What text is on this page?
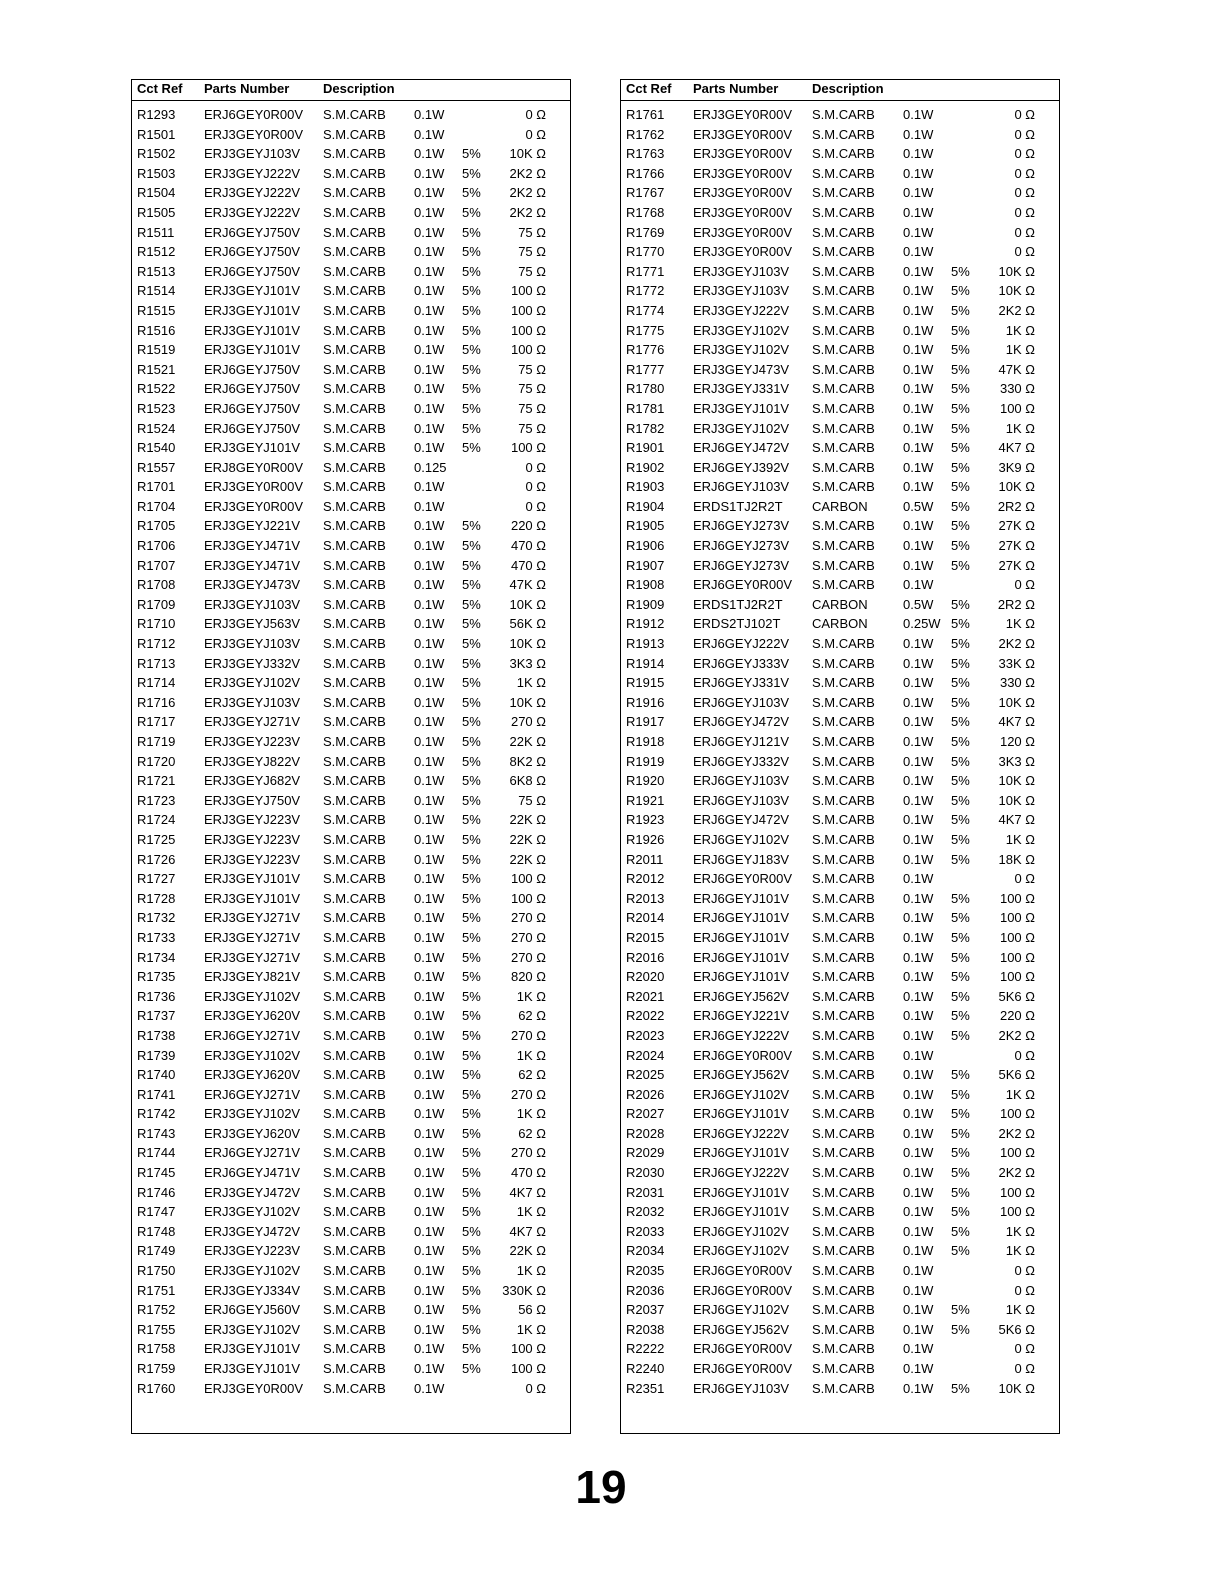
Cct Ref Parts Number	Description
R1293 ERJ6GEY0R00V S.M.CARB 0.1W	0 Ω
R1501 ERJ3GEY0R00V S.M.CARB 0.1W	0 Ω
R1502 ERJ3GEYJ103V S.M.CARB 0.1W 5% 10K Ω
R1503 ERJ3GEYJ222V S.M.CARB 0.1W 5% 2K2 Ω
R1504 ERJ3GEYJ222V S.M.CARB 0.1W 5% 2K2 Ω
R1505 ERJ3GEYJ222V S.M.CARB 0.1W 5% 2K2 Ω
R1511 ERJ6GEYJ750V S.M.CARB 0.1W 5%	75 Ω
R1512 ERJ6GEYJ750V S.M.CARB 0.1W 5%	75 Ω
R1513 ERJ6GEYJ750V S.M.CARB 0.1W 5%	75 Ω
R1514 ERJ3GEYJ101V S.M.CARB 0.1W 5% 100 Ω
R1515 ERJ3GEYJ101V S.M.CARB 0.1W 5% 100 Ω
R1516 ERJ3GEYJ101V S.M.CARB 0.1W 5% 100 Ω
R1519 ERJ3GEYJ101V S.M.CARB 0.1W 5% 100 Ω
R1521 ERJ6GEYJ750V S.M.CARB 0.1W 5%	75 Ω
R1522 ERJ6GEYJ750V S.M.CARB 0.1W 5%	75 Ω
R1523 ERJ6GEYJ750V S.M.CARB 0.1W 5%	75 Ω
R1524 ERJ6GEYJ750V S.M.CARB 0.1W 5%	75 Ω
R1540 ERJ3GEYJ101V S.M.CARB 0.1W 5% 100 Ω
R1557 ERJ8GEY0R00V S.M.CARB 0.125	0 Ω
R1701 ERJ3GEY0R00V S.M.CARB 0.1W	0 Ω
R1704 ERJ3GEY0R00V S.M.CARB 0.1W	0 Ω
R1705 ERJ3GEYJ221V S.M.CARB 0.1W 5% 220 Ω
R1706 ERJ3GEYJ471V S.M.CARB 0.1W 5% 470 Ω
R1707 ERJ3GEYJ471V S.M.CARB 0.1W 5% 470 Ω
R1708 ERJ3GEYJ473V S.M.CARB 0.1W 5% 47K Ω
R1709 ERJ3GEYJ103V S.M.CARB 0.1W 5% 10K Ω
R1710 ERJ3GEYJ563V S.M.CARB 0.1W 5% 56K Ω
R1712 ERJ3GEYJ103V S.M.CARB 0.1W 5% 10K Ω
R1713 ERJ3GEYJ332V S.M.CARB 0.1W 5% 3K3 Ω
R1714 ERJ3GEYJ102V S.M.CARB 0.1W 5%	1K Ω
R1716 ERJ3GEYJ103V S.M.CARB 0.1W 5% 10K Ω
R1717 ERJ3GEYJ271V S.M.CARB 0.1W 5% 270 Ω
R1719 ERJ3GEYJ223V S.M.CARB 0.1W 5% 22K Ω
R1720 ERJ3GEYJ822V S.M.CARB 0.1W 5% 8K2 Ω
R1721 ERJ3GEYJ682V S.M.CARB 0.1W 5% 6K8 Ω
R1723 ERJ3GEYJ750V S.M.CARB 0.1W 5%	75 Ω
R1724 ERJ3GEYJ223V S.M.CARB 0.1W 5% 22K Ω
R1725 ERJ3GEYJ223V S.M.CARB 0.1W 5% 22K Ω
R1726 ERJ3GEYJ223V S.M.CARB 0.1W 5% 22K Ω
R1727 ERJ3GEYJ101V S.M.CARB 0.1W 5% 100 Ω
R1728 ERJ3GEYJ101V S.M.CARB 0.1W 5% 100 Ω
R1732 ERJ3GEYJ271V S.M.CARB 0.1W 5% 270 Ω
R1733 ERJ3GEYJ271V S.M.CARB 0.1W 5% 270 Ω
R1734 ERJ3GEYJ271V S.M.CARB 0.1W 5% 270 Ω
R1735 ERJ3GEYJ821V S.M.CARB 0.1W 5% 820 Ω
R1736 ERJ3GEYJ102V S.M.CARB 0.1W 5%	1K Ω
R1737 ERJ3GEYJ620V S.M.CARB 0.1W 5%	62 Ω
R1738 ERJ6GEYJ271V S.M.CARB 0.1W 5% 270 Ω
R1739 ERJ3GEYJ102V S.M.CARB 0.1W 5%	1K Ω
R1740 ERJ3GEYJ620V S.M.CARB 0.1W 5%	62 Ω
R1741 ERJ6GEYJ271V S.M.CARB 0.1W 5% 270 Ω
R1742 ERJ3GEYJ102V S.M.CARB 0.1W 5%	1K Ω
R1743 ERJ3GEYJ620V S.M.CARB 0.1W 5%	62 Ω
R1744 ERJ6GEYJ271V S.M.CARB 0.1W 5% 270 Ω
R1745 ERJ6GEYJ471V S.M.CARB 0.1W 5% 470 Ω
R1746 ERJ3GEYJ472V S.M.CARB 0.1W 5% 4K7 Ω
R1747 ERJ3GEYJ102V S.M.CARB 0.1W 5%	1K Ω
R1748 ERJ3GEYJ472V S.M.CARB 0.1W 5% 4K7 Ω
R1749 ERJ3GEYJ223V S.M.CARB 0.1W 5% 22K Ω
R1750 ERJ3GEYJ102V S.M.CARB 0.1W 5%	1K Ω
R1751 ERJ3GEYJ334V S.M.CARB 0.1W 5% 330K Ω
R1752 ERJ6GEYJ560V S.M.CARB 0.1W 5%	56 Ω
R1755 ERJ3GEYJ102V S.M.CARB 0.1W 5%	1K Ω
R1758 ERJ3GEYJ101V S.M.CARB 0.1W 5% 100 Ω
R1759 ERJ3GEYJ101V S.M.CARB 0.1W 5% 100 Ω
R1760 ERJ3GEY0R00V S.M.CARB 0.1W	0 Ω
Cct Ref Parts Number	Description
R1761 ERJ3GEY0R00V S.M.CARB 0.1W	0 Ω
R1762 ERJ3GEY0R00V S.M.CARB 0.1W	0 Ω
R1763 ERJ3GEY0R00V S.M.CARB 0.1W	0 Ω
R1766 ERJ3GEY0R00V S.M.CARB 0.1W	0 Ω
R1767 ERJ3GEY0R00V S.M.CARB 0.1W	0 Ω
R1768 ERJ3GEY0R00V S.M.CARB 0.1W	0 Ω
R1769 ERJ3GEY0R00V S.M.CARB 0.1W	0 Ω
R1770 ERJ3GEY0R00V S.M.CARB 0.1W	0 Ω
R1771 ERJ3GEYJ103V S.M.CARB 0.1W 5% 10K Ω
R1772 ERJ3GEYJ103V S.M.CARB 0.1W 5% 10K Ω
R1774 ERJ3GEYJ222V S.M.CARB 0.1W 5% 2K2 Ω
R1775 ERJ3GEYJ102V S.M.CARB 0.1W 5%	1K Ω
R1776 ERJ3GEYJ102V S.M.CARB 0.1W 5%	1K Ω
R1777 ERJ3GEYJ473V S.M.CARB 0.1W 5% 47K Ω
R1780 ERJ3GEYJ331V S.M.CARB 0.1W 5% 330 Ω
R1781 ERJ3GEYJ101V S.M.CARB 0.1W 5% 100 Ω
R1782 ERJ3GEYJ102V S.M.CARB 0.1W 5%	1K Ω
R1901 ERJ6GEYJ472V S.M.CARB 0.1W 5% 4K7 Ω
R1902 ERJ6GEYJ392V S.M.CARB 0.1W 5% 3K9 Ω
R1903 ERJ6GEYJ103V S.M.CARB 0.1W 5% 10K Ω
R1904 ERDS1TJ2R2T CARBON	0.5W 5% 2R2 Ω
R1905 ERJ6GEYJ273V S.M.CARB 0.1W 5% 27K Ω
R1906 ERJ6GEYJ273V S.M.CARB 0.1W 5% 27K Ω
R1907 ERJ6GEYJ273V S.M.CARB 0.1W 5% 27K Ω
R1908 ERJ6GEY0R00V S.M.CARB 0.1W	0 Ω
R1909 ERDS1TJ2R2T CARBON	0.5W 5% 2R2 Ω
R1912 ERDS2TJ102T CARBON	0.25W 5%	1K Ω
R1913 ERJ6GEYJ222V S.M.CARB 0.1W 5% 2K2 Ω
R1914 ERJ6GEYJ333V S.M.CARB 0.1W 5% 33K Ω
R1915 ERJ6GEYJ331V S.M.CARB 0.1W 5% 330 Ω
R1916 ERJ6GEYJ103V S.M.CARB 0.1W 5% 10K Ω
R1917 ERJ6GEYJ472V S.M.CARB 0.1W 5% 4K7 Ω
R1918 ERJ6GEYJ121V S.M.CARB 0.1W 5% 120 Ω
R1919 ERJ6GEYJ332V S.M.CARB 0.1W 5% 3K3 Ω
R1920 ERJ6GEYJ103V S.M.CARB 0.1W 5% 10K Ω
R1921 ERJ6GEYJ103V S.M.CARB 0.1W 5% 10K Ω
R1923 ERJ6GEYJ472V S.M.CARB 0.1W 5% 4K7 Ω
R1926 ERJ6GEYJ102V S.M.CARB 0.1W 5%	1K Ω
R2011 ERJ6GEYJ183V S.M.CARB 0.1W 5% 18K Ω
R2012 ERJ6GEY0R00V S.M.CARB 0.1W	0 Ω
R2013 ERJ6GEYJ101V S.M.CARB 0.1W 5% 100 Ω
R2014 ERJ6GEYJ101V S.M.CARB 0.1W 5% 100 Ω
R2015 ERJ6GEYJ101V S.M.CARB 0.1W 5% 100 Ω
R2016 ERJ6GEYJ101V S.M.CARB 0.1W 5% 100 Ω
R2020 ERJ6GEYJ101V S.M.CARB 0.1W 5% 100 Ω
R2021 ERJ6GEYJ562V S.M.CARB 0.1W 5% 5K6 Ω
R2022 ERJ6GEYJ221V S.M.CARB 0.1W 5% 220 Ω
R2023 ERJ6GEYJ222V S.M.CARB 0.1W 5% 2K2 Ω
R2024 ERJ6GEY0R00V S.M.CARB 0.1W	0 Ω
R2025 ERJ6GEYJ562V S.M.CARB 0.1W 5% 5K6 Ω
R2026 ERJ6GEYJ102V S.M.CARB 0.1W 5%	1K Ω
R2027 ERJ6GEYJ101V S.M.CARB 0.1W 5% 100 Ω
R2028 ERJ6GEYJ222V S.M.CARB 0.1W 5% 2K2 Ω
R2029 ERJ6GEYJ101V S.M.CARB 0.1W 5% 100 Ω
R2030 ERJ6GEYJ222V S.M.CARB 0.1W 5% 2K2 Ω
R2031 ERJ6GEYJ101V S.M.CARB 0.1W 5% 100 Ω
R2032 ERJ6GEYJ101V S.M.CARB 0.1W 5% 100 Ω
R2033 ERJ6GEYJ102V S.M.CARB 0.1W 5%	1K Ω
R2034 ERJ6GEYJ102V S.M.CARB 0.1W 5%	1K Ω
R2035 ERJ6GEY0R00V S.M.CARB 0.1W	0 Ω
R2036 ERJ6GEY0R00V S.M.CARB 0.1W	0 Ω
R2037 ERJ6GEYJ102V S.M.CARB 0.1W 5%	1K Ω
R2038 ERJ6GEYJ562V S.M.CARB 0.1W 5% 5K6 Ω
R2222 ERJ6GEY0R00V S.M.CARB 0.1W	0 Ω
R2240 ERJ6GEY0R00V S.M.CARB 0.1W	0 Ω
R2351 ERJ6GEYJ103V S.M.CARB 0.1W 5% 10K Ω
19
